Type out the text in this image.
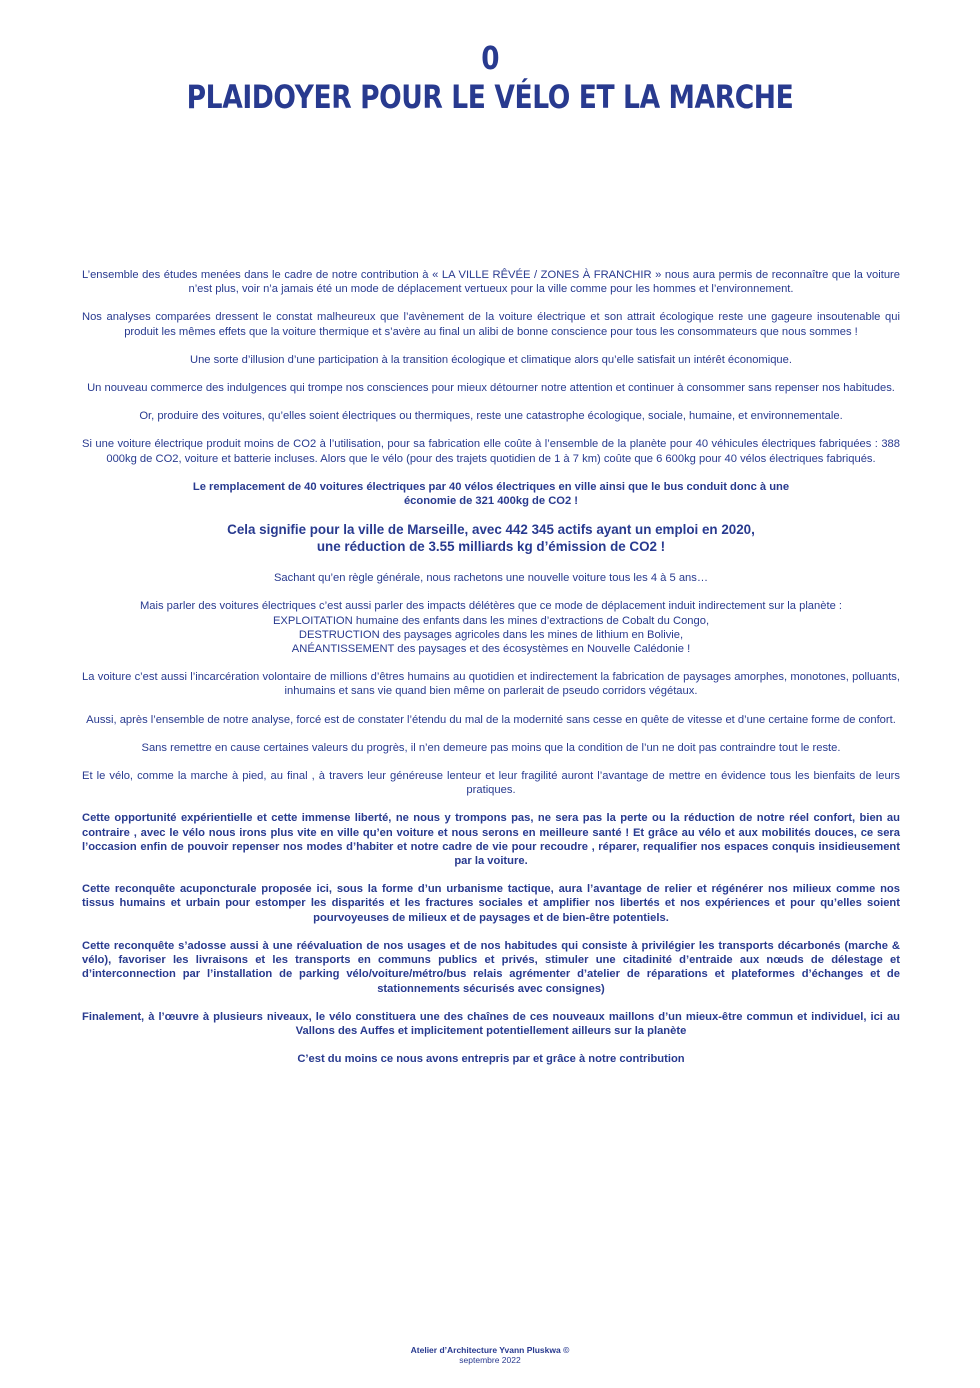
0
PLAIDOYER POUR LE VÉLO ET LA MARCHE

L’ensemble des études menées dans le cadre de notre contribution à « LA VILLE RÊVÉE / ZONES À FRANCHIR » nous aura permis de reconnaître que la voiture n’est plus, voir n’a jamais été un mode de déplacement vertueux pour la ville comme pour les hommes et l’environnement.

Nos analyses comparées dressent le constat malheureux que l’avènement de la voiture électrique et son attrait écologique reste une gageure insoutenable qui produit les mêmes effets que la voiture thermique et s’avère au final un alibi de bonne conscience pour tous les consommateurs que nous sommes !

Une sorte d’illusion d’une participation à la transition écologique et climatique alors qu’elle satisfait un intérêt économique.

Un nouveau commerce des indulgences qui trompe nos consciences pour mieux détourner notre attention et continuer à consommer sans repenser nos habitudes.

Or, produire des voitures, qu’elles soient électriques ou thermiques, reste une catastrophe écologique, sociale, humaine, et environnementale.

Si une voiture électrique produit moins de CO2 à l’utilisation, pour sa fabrication elle coûte à l’ensemble de la planète pour 40 véhicules électriques fabriquées : 388 000kg de CO2, voiture et batterie incluses. Alors que le vélo (pour des trajets quotidien de 1 à 7 km) coûte que 6 600kg pour 40 vélos électriques fabriqués.

Le remplacement de 40 voitures électriques par 40 vélos électriques en ville ainsi que le bus conduit donc à une économie de 321 400kg de CO2 !

Cela signifie pour la ville de Marseille, avec 442 345 actifs ayant un emploi en 2020,
une réduction de 3.55 milliards kg d’émission de CO2 !

Sachant qu’en règle générale, nous rachetons une nouvelle voiture tous les 4 à 5 ans…

Mais parler des voitures électriques c’est aussi parler des impacts délétères que ce mode de déplacement induit indirectement sur la planète :
EXPLOITATION humaine des enfants dans les mines d’extractions de Cobalt du Congo,
DESTRUCTION des paysages agricoles dans les mines de lithium en Bolivie,
ANÉANTISSEMENT des paysages et des écosystèmes en Nouvelle Calédonie !

La voiture c’est aussi l’incarcération volontaire de millions d’êtres humains au quotidien et indirectement la fabrication de paysages amorphes, monotones, polluants, inhumains et sans vie quand bien même on parlerait de pseudo corridors végétaux.

Aussi, après l’ensemble de notre analyse, forcé est de constater l’étendu du mal de la modernité sans cesse en quête de vitesse et d’une certaine forme de confort.

Sans remettre en cause certaines valeurs du progrès, il n’en demeure pas moins que la condition de l’un ne doit pas contraindre tout le reste.

Et le vélo, comme la marche à pied, au final , à travers leur généreuse lenteur et leur fragilité auront l’avantage de mettre en évidence tous les bienfaits de leurs pratiques.

Cette opportunité expérientielle et cette immense liberté, ne nous y trompons pas, ne sera pas la perte ou la réduction de notre réel confort, bien au contraire , avec le vélo nous irons plus vite en ville qu’en voiture et nous serons en meilleure santé ! Et grâce au vélo et aux mobilités douces, ce sera l’occasion enfin de pouvoir repenser nos modes d’habiter et notre cadre de vie pour recoudre , réparer, requalifier nos espaces conquis insidieusement par la voiture.

Cette reconquête acuponcturale proposée ici, sous la forme d’un urbanisme tactique, aura l’avantage de relier et régénérer nos milieux comme nos tissus humains et urbain pour estomper les disparités et les fractures sociales et amplifier nos libertés et nos expériences et pour qu’elles soient pourvoyeuses de milieux et de paysages et de bien-être potentiels.

Cette reconquête s’adosse aussi à une réévaluation de nos usages et de nos habitudes qui consiste à privilégier les transports décarbonés (marche & vélo), favoriser les livraisons et les transports en communs publics et privés, stimuler une citadinité d’entraide aux nœuds de délestage et d’interconnection par l’installation de parking vélo/voiture/métro/bus relais agrémenter d’atelier de réparations et plateformes d’échanges et de stationnements sécurisés avec consignes)

Finalement, à l’œuvre à plusieurs niveaux, le vélo constituera une des chaînes de ces nouveaux maillons d’un mieux-être commun et individuel, ici au Vallons des Auffes et implicitement potentiellement ailleurs sur la planète

C’est du moins ce nous avons entrepris par et grâce à notre contribution

Atelier d’Architecture Yvann Pluskwa ©
septembre 2022
